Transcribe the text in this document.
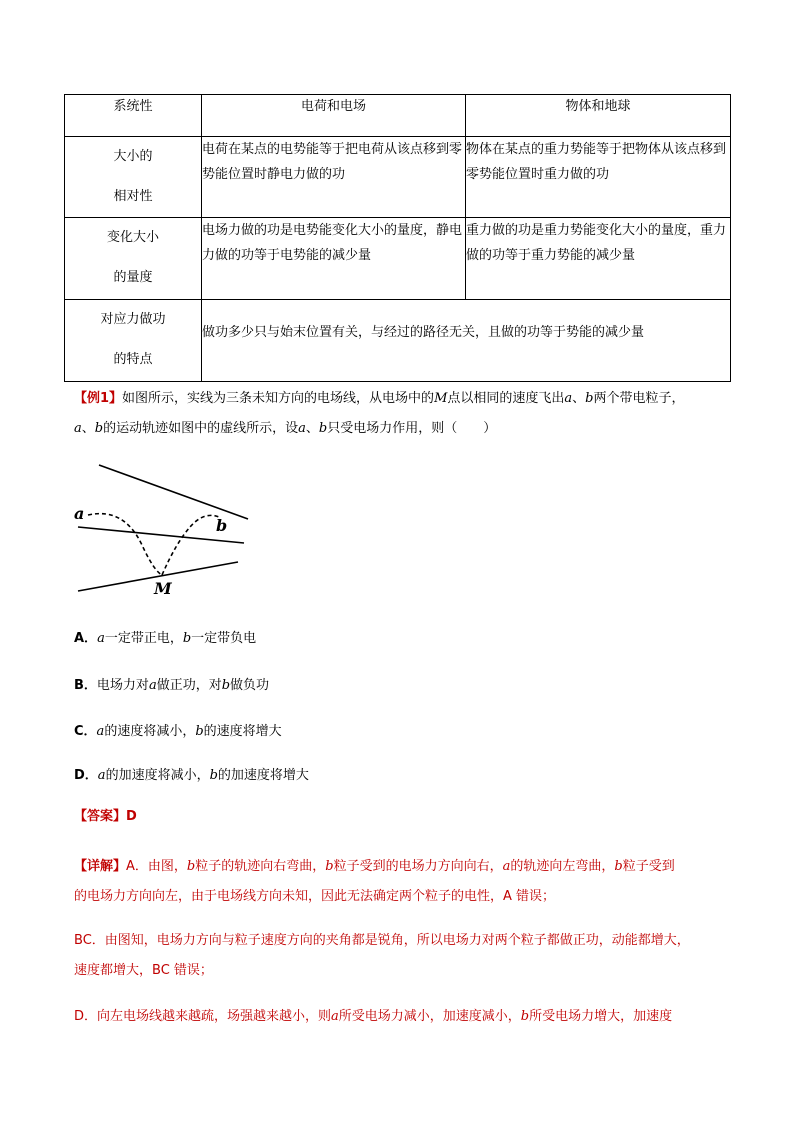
系统性	电荷和电场	物体和地球

大小的
相对性	电荷在某点的电势能等于把电荷从该点移到零势能位置时静电力做的功	物体在某点的重力势能等于把物体从该点移到零势能位置时重力做的功

变化大小
的量度	电场力做的功是电势能变化大小的量度，静电力做的功等于电势能的减少量	重力做的功是重力势能变化大小的量度，重力做的功等于重力势能的减少量

对应力做功
的特点	做功多少只与始末位置有关，与经过的路径无关，且做的功等于势能的减少量	
【例1】如图所示，实线为三条未知方向的电场线，从电场中的M点以相同的速度飞出a、b两个带电粒子，
a、b的运动轨迹如图中的虚线所示，设a、b只受电场力作用，则（　　）
a
b
M
A．a一定带正电，b一定带负电
B．电场力对a做正功，对b做负功
C．a的速度将减小，b的速度将增大
D．a的加速度将减小，b的加速度将增大
【答案】D
【详解】A．由图，b粒子的轨迹向右弯曲，b粒子受到的电场力方向向右，a的轨迹向左弯曲，b粒子受到
的电场力方向向左，由于电场线方向未知，因此无法确定两个粒子的电性，A 错误；
BC．由图知，电场力方向与粒子速度方向的夹角都是锐角，所以电场力对两个粒子都做正功，动能都增大，
速度都增大，BC 错误；
D．向左电场线越来越疏，场强越来越小，则a所受电场力减小，加速度减小，b所受电场力增大，加速度
